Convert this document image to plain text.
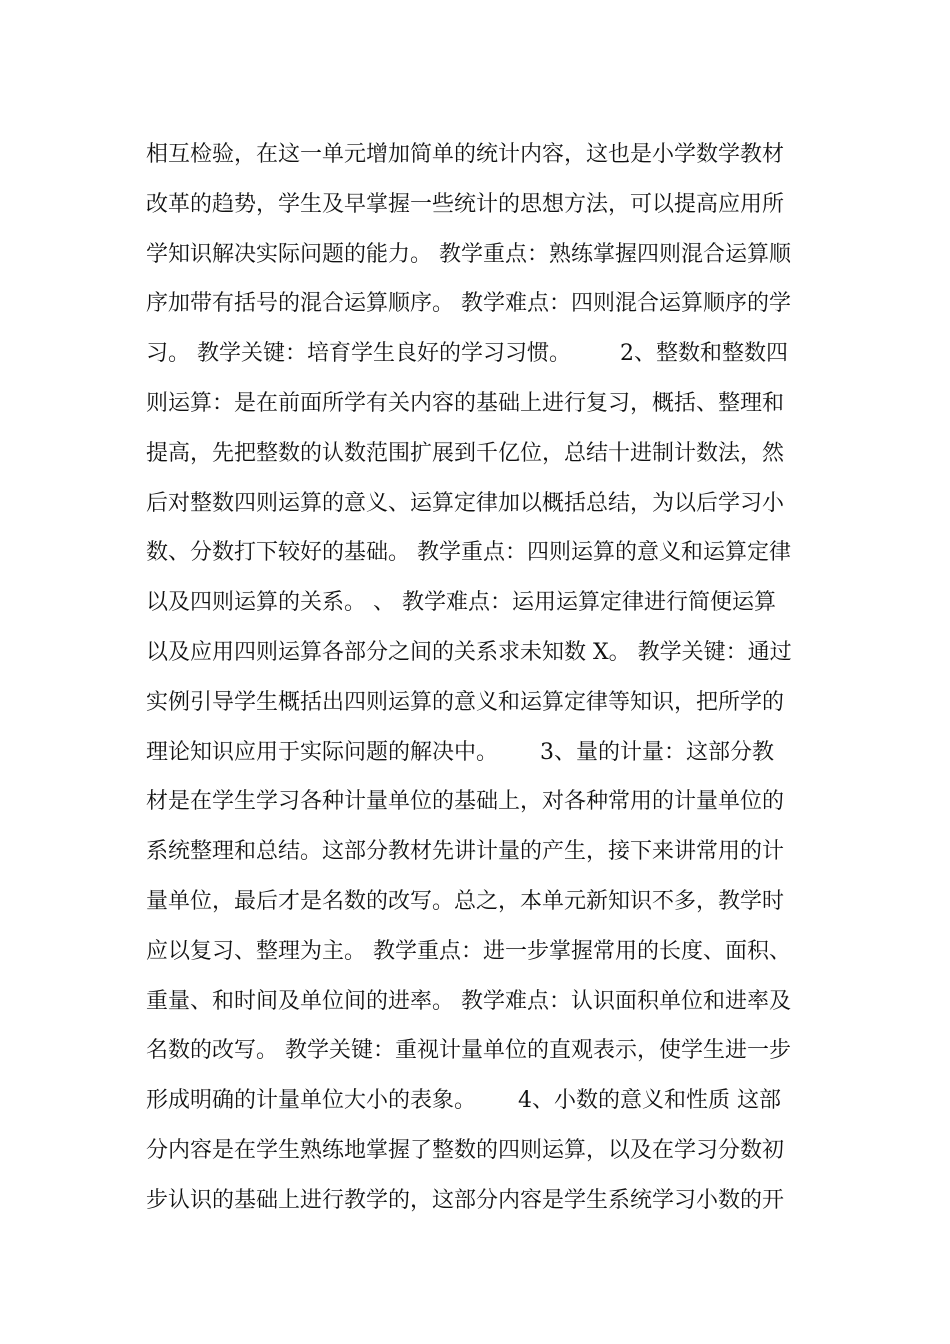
相互检验，在这一单元增加简单的统计内容，这也是小学数学教材
改革的趋势，学生及早掌握一些统计的思想方法，可以提高应用所
学知识解决实际问题的能力。 教学重点：熟练掌握四则混合运算顺
序加带有括号的混合运算顺序。 教学难点：四则混合运算顺序的学
习。 教学关键：培育学生良好的学习习惯。       2、整数和整数四
则运算：是在前面所学有关内容的基础上进行复习，概括、整理和
提高，先把整数的认数范围扩展到千亿位，总结十进制计数法，然
后对整数四则运算的意义、运算定律加以概括总结，为以后学习小
数、分数打下较好的基础。 教学重点：四则运算的意义和运算定律
以及四则运算的关系。 、 教学难点：运用运算定律进行简便运算
以及应用四则运算各部分之间的关系求未知数 X。 教学关键：通过
实例引导学生概括出四则运算的意义和运算定律等知识，把所学的
理论知识应用于实际问题的解决中。      3、量的计量：这部分教
材是在学生学习各种计量单位的基础上，对各种常用的计量单位的
系统整理和总结。这部分教材先讲计量的产生，接下来讲常用的计
量单位，最后才是名数的改写。总之，本单元新知识不多，教学时
应以复习、整理为主。 教学重点：进一步掌握常用的长度、面积、
重量、和时间及单位间的进率。 教学难点：认识面积单位和进率及
名数的改写。 教学关键：重视计量单位的直观表示，使学生进一步
形成明确的计量单位大小的表象。      4、小数的意义和性质 这部
分内容是在学生熟练地掌握了整数的四则运算，以及在学习分数初
步认识的基础上进行教学的，这部分内容是学生系统学习小数的开
